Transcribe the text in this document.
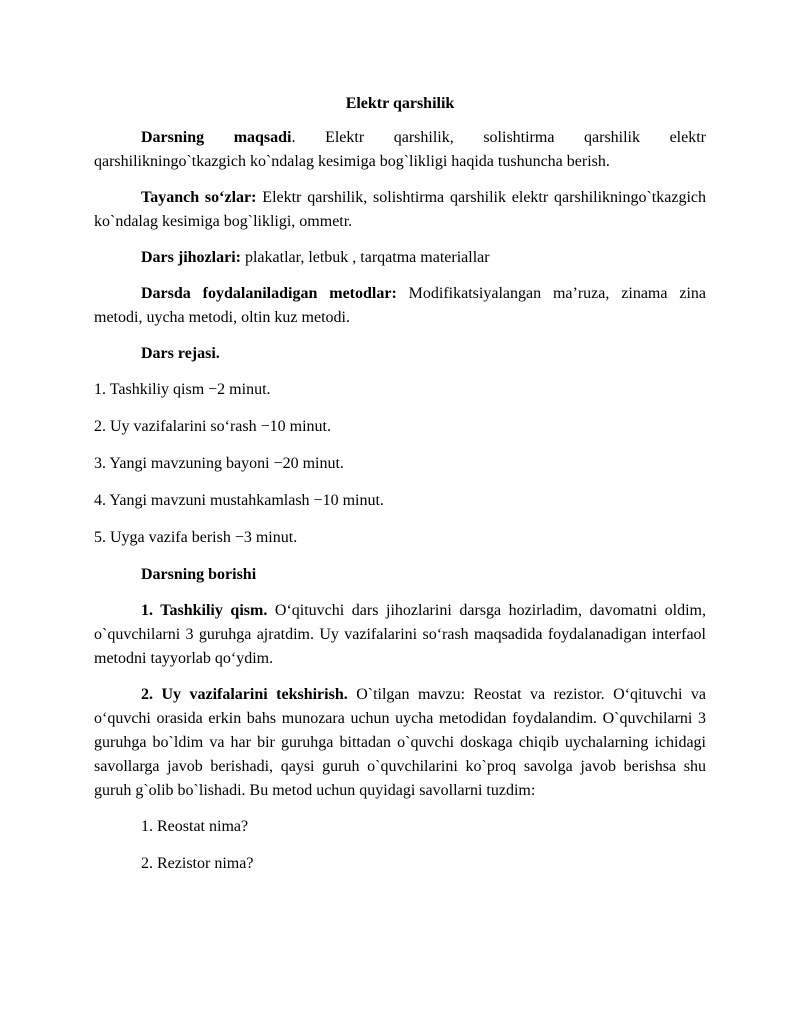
Elektr qarshilik

Darsning maqsadi. Elektr qarshilik, solishtirma qarshilik elektr qarshilikningo`tkazgich ko`ndalag kesimiga bog`likligi haqida tushuncha berish.

Tayanch so‘zlar: Elektr qarshilik, solishtirma qarshilik elektr qarshilikningo`tkazgich ko`ndalag kesimiga bog`likligi, ommetr.

Dars jihozlari: plakatlar, letbuk , tarqatma materiallar

Darsda foydalaniladigan metodlar: Modifikatsiyalangan ma’ruza, zinama zina metodi, uycha metodi, oltin kuz metodi.

Dars rejasi.

1. Tashkiliy qism −2 minut.

2. Uy vazifalarini so‘rash −10 minut.

3. Yangi mavzuning bayoni −20 minut.

4. Yangi mavzuni mustahkamlash −10 minut.

5. Uyga vazifa berish −3 minut.

Darsning borishi

1. Tashkiliy qism. O‘qituvchi dars jihozlarini darsga hozirladim, davomatni oldim, o`quvchilarni 3 guruhga ajratdim. Uy vazifalarini so‘rash maqsadida foydalanadigan interfaol metodni tayyorlab qo‘ydim.

2. Uy vazifalarini tekshirish. O`tilgan mavzu: Reostat va rezistor. O‘qituvchi va o‘quvchi orasida erkin bahs munozara uchun uycha metodidan foydalandim. O`quvchilarni 3 guruhga bo`ldim va har bir guruhga bittadan o`quvchi doskaga chiqib uychalarning ichidagi savollarga javob berishadi, qaysi guruh o`quvchilarini ko`proq savolga javob berishsa shu guruh g`olib bo`lishadi. Bu metod uchun quyidagi savollarni tuzdim:

1. Reostat nima?

2. Rezistor nima?
